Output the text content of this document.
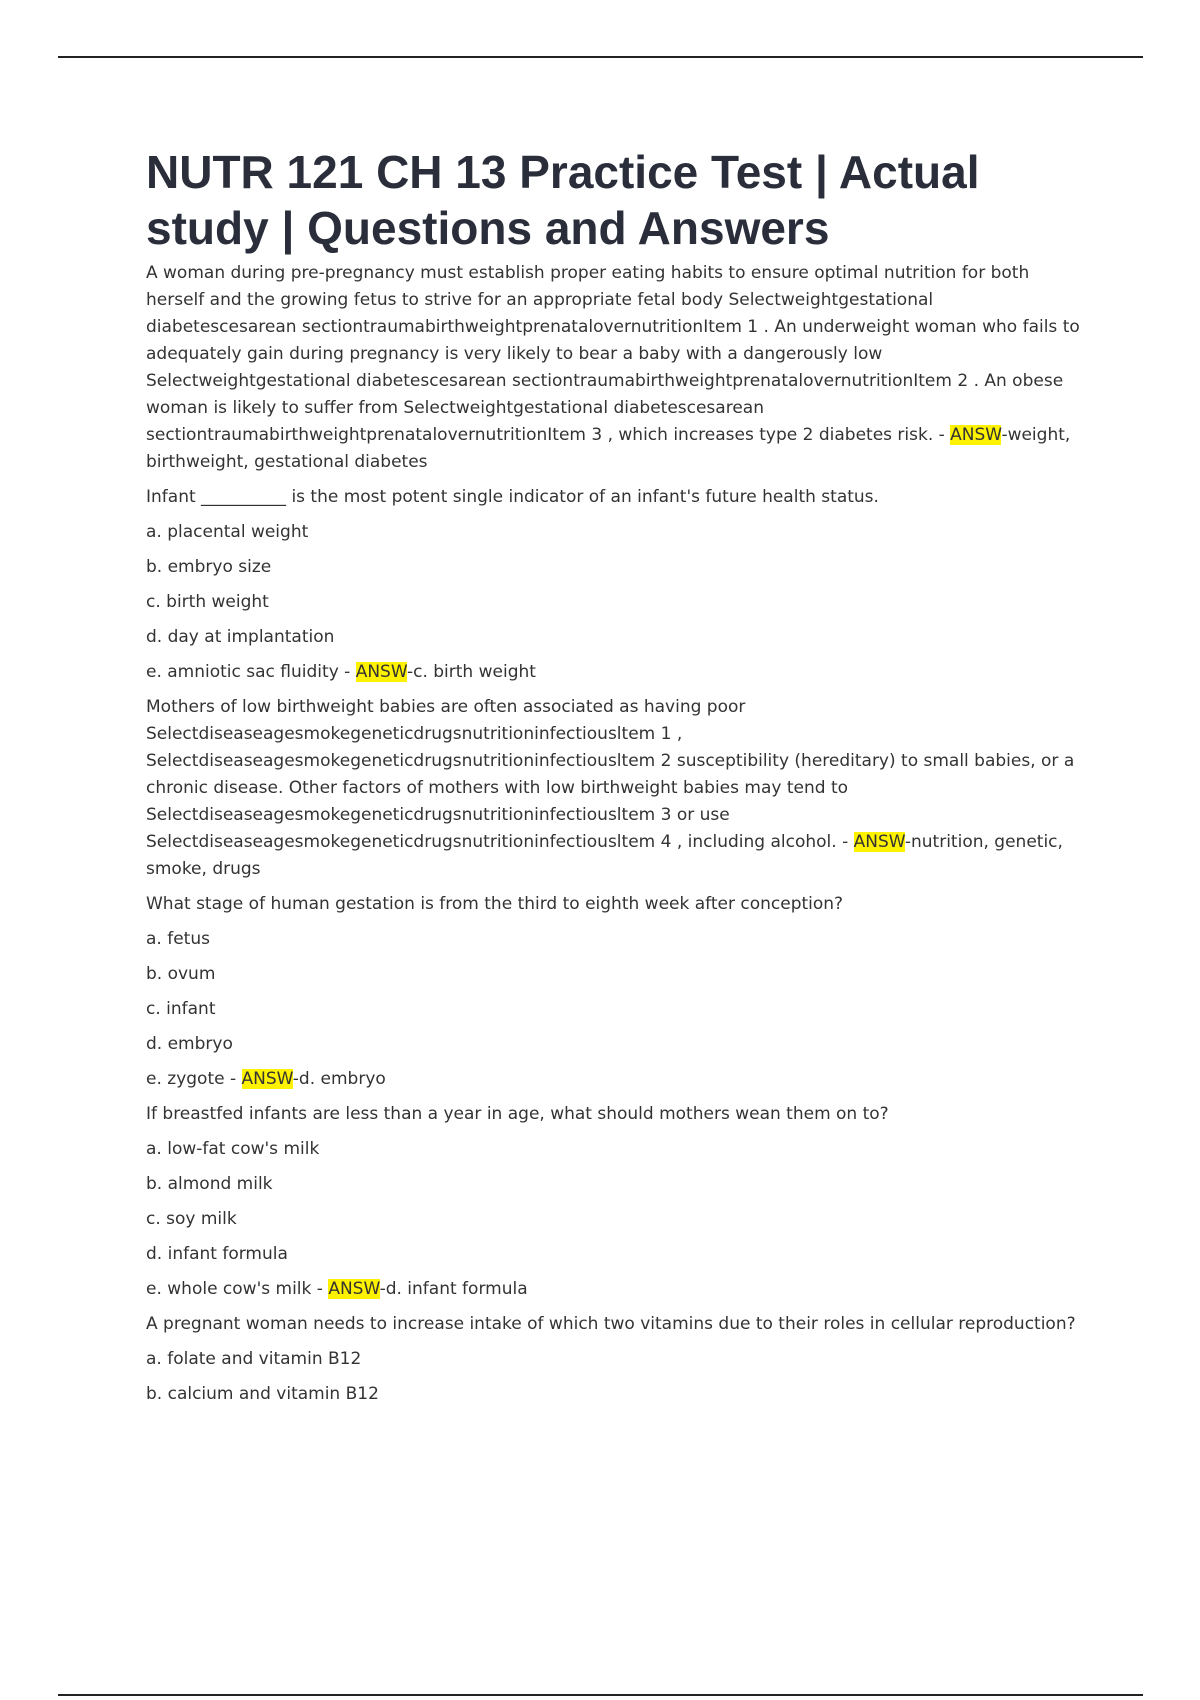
NUTR 121 CH 13 Practice Test | Actual study | Questions and Answers
A woman during pre-pregnancy must establish proper eating habits to ensure optimal nutrition for both herself and the growing fetus to strive for an appropriate fetal body Selectweightgestational diabetescesarean sectiontraumabirthweightprenatalovernutritionItem 1 . An underweight woman who fails to adequately gain during pregnancy is very likely to bear a baby with a dangerously low Selectweightgestational diabetescesarean sectiontraumabirthweightprenatalovernutritionItem 2 . An obese woman is likely to suffer from Selectweightgestational diabetescesarean sectiontraumabirthweightprenatalovernutritionItem 3 , which increases type 2 diabetes risk. - ANSW-weight, birthweight, gestational diabetes
Infant __________ is the most potent single indicator of an infant's future health status.
a. placental weight
b. embryo size
c. birth weight
d. day at implantation
e. amniotic sac fluidity - ANSW-c. birth weight
Mothers of low birthweight babies are often associated as having poor Selectdiseaseagesmokegeneticdrugsnutritioninfectiousltem 1 , Selectdiseaseagesmokegeneticdrugsnutritioninfectiousltem 2 susceptibility (hereditary) to small babies, or a chronic disease. Other factors of mothers with low birthweight babies may tend to Selectdiseaseagesmokegeneticdrugsnutritioninfectiousltem 3 or use Selectdiseaseagesmokegeneticdrugsnutritioninfectiousltem 4 , including alcohol. - ANSW-nutrition, genetic, smoke, drugs
What stage of human gestation is from the third to eighth week after conception?
a. fetus
b. ovum
c. infant
d. embryo
e. zygote - ANSW-d. embryo
If breastfed infants are less than a year in age, what should mothers wean them on to?
a. low-fat cow's milk
b. almond milk
c. soy milk
d. infant formula
e. whole cow's milk - ANSW-d. infant formula
A pregnant woman needs to increase intake of which two vitamins due to their roles in cellular reproduction?
a. folate and vitamin B12
b. calcium and vitamin B12
